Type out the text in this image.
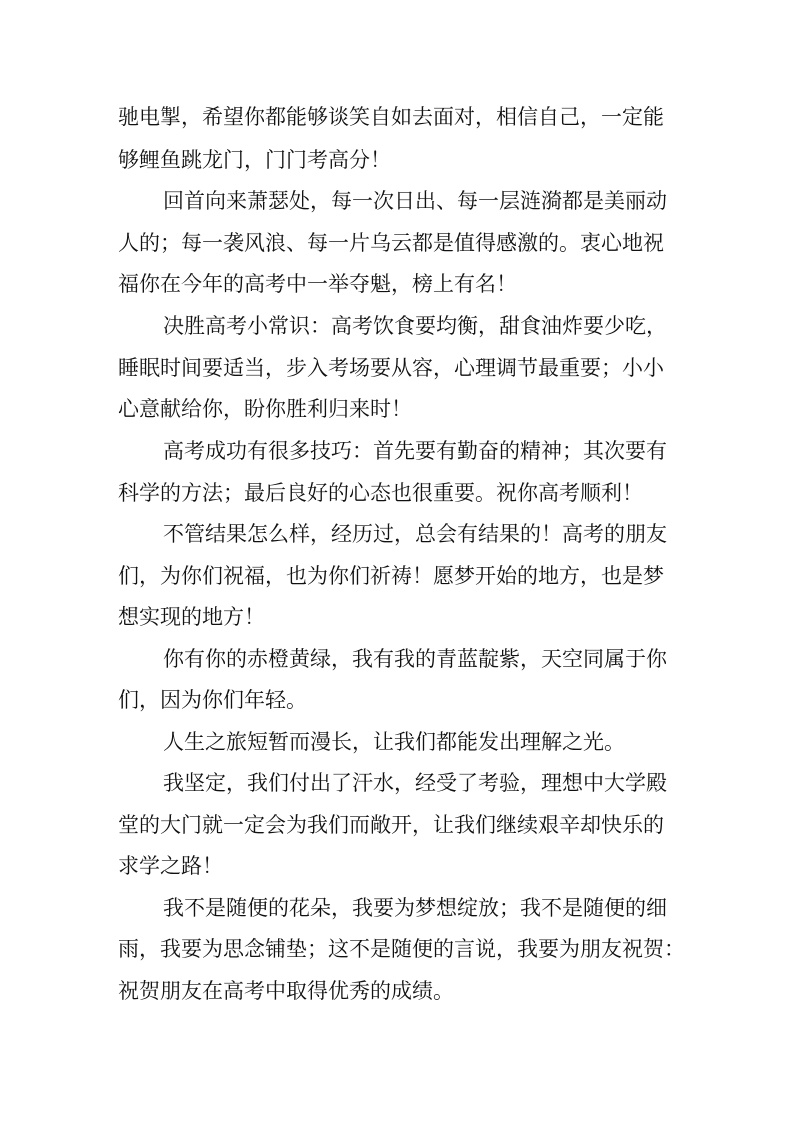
驰电掣，希望你都能够谈笑自如去面对，相信自己，一定能
够鲤鱼跳龙门，门门考高分！
回首向来萧瑟处，每一次日出、每一层涟漪都是美丽动
人的；每一袭风浪、每一片乌云都是值得感激的。衷心地祝
福你在今年的高考中一举夺魁，榜上有名！
决胜高考小常识：高考饮食要均衡，甜食油炸要少吃，
睡眠时间要适当，步入考场要从容，心理调节最重要；小小
心意献给你，盼你胜利归来时！
高考成功有很多技巧：首先要有勤奋的精神；其次要有
科学的方法；最后良好的心态也很重要。祝你高考顺利！
不管结果怎么样，经历过，总会有结果的！高考的朋友
们，为你们祝福，也为你们祈祷！愿梦开始的地方，也是梦
想实现的地方！
你有你的赤橙黄绿，我有我的青蓝靛紫，天空同属于你
们，因为你们年轻。
人生之旅短暂而漫长，让我们都能发出理解之光。
我坚定，我们付出了汗水，经受了考验，理想中大学殿
堂的大门就一定会为我们而敞开，让我们继续艰辛却快乐的
求学之路！
我不是随便的花朵，我要为梦想绽放；我不是随便的细
雨，我要为思念铺垫；这不是随便的言说，我要为朋友祝贺：
祝贺朋友在高考中取得优秀的成绩。
